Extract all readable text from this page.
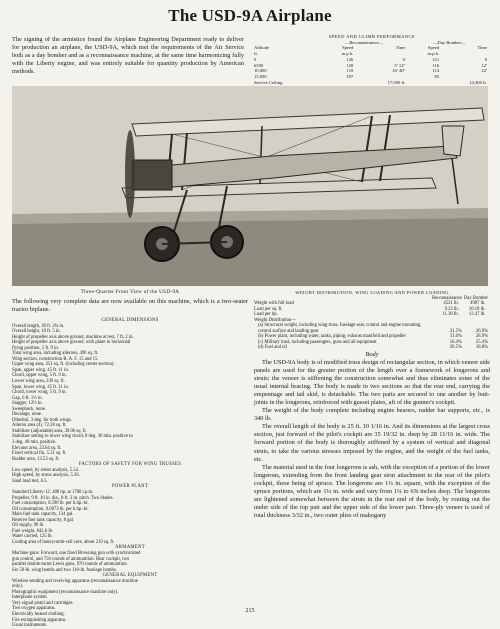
The USD-9A Airplane
The signing of the armistice found the Airplane Engineering Department ready to deliver for production an airplane, the USD-9A, which met the requirements of the Air Service both as a day bomber and as a reconnaissance machine, at the same time harmonizing fully with the Liberty engine, and was entirely suitable for quantity production by American methods.
SPEED AND CLIMB PERFORMANCE
	—Reconnaissance—		—Day Bomber—	
Altitude	Speed	Time	Speed	Time
ft.	m.p.h.		m.p.h.	
0	126	0	121	0
6500	120	5′ 12″	116	12′
10,000	118	16′ 40″	114	22′
15,000	107		85	
Service Ceiling		17,000 ft.		14,300 ft.
Three-Quarter Front View of the USD-9A
The following very complete data are now available on this machine, which is a two-seater tractor biplane.
GENERAL DIMENSIONS
Overall length, 30 ft. 2¾ in.
Overall height, 10 ft. 5 in.
Height of propeller axis above ground, machine at rest, 7 ft. 2 in.
Height of propeller axis above ground, with plane in horizontal
flying position, 5 ft. 9 in.
Total wing area, including ailerons, 490 sq. ft.
Wing section, construction R. A. F. 15 and 15.
Upper wing area, 251 sq. ft. (including center section).
Span, upper wing, 45 ft. 11 in.
Chord, upper wing, 5 ft. 9 in.
Lower wing area, 239 sq. ft.
Span, lower wing, 45 ft. 11 in.
Chord, lower wing, 5 ft. 9 in.
Gap, 6 ft. 1½ in.
Stagger, 12½ in.
Sweepback, none.
Decalage, none.
Dihedral, 3 deg. for both wings.
Aileron area (4), 72.28 sq. ft.
Stabilizer (adjustable) area, 39.06 sq. ft.
Stabilizer setting to lower wing chord, 0 deg. 30 min. positive to
3 deg. 40 min. positive.
Elevator area, 23.64 sq. ft.
Fixed vertical fin, 5.31 sq. ft.
Rudder area, 13.53 sq. ft.
FACTORS OF SAFETY FOR WING TRUSSES
Low speed, by stress analysis, 5.54.
High speed, by stress analysis, 5.36.
Sand load test, 6.5.
POWER PLANT
Standard Liberty-12, 400 hp. at 1700 r.p.m.
Propeller, 9 ft. 10 in. dia., 8 ft. 3 in. pitch. Two blades.
Fuel consumption, 0.590 lb. per h.hp.-hr.
Oil consumption, 0.0673 lb. per h.hp.-hr.
Main fuel tank capacity, 134 gal.
Reserve fuel tank capacity, 8 gal.
Oil supply, 96 lb.
Fuel weight, 842.6 lb.
Water carried, 125 lb.
Cooling area of honeycomb-cell core, about 219 sq. ft.
ARMAMENT
Machine guns: Forward, one fixed Browning gun with synchronized
gun control, and 750 rounds of ammunition. Rear cockpit, two
parallel double-turret Lewis guns, 970 rounds of ammunition.
Six 50-lb. wing bombs and two 110-lb. fuselage bombs.
GENERAL EQUIPMENT
Wireless sending and receiving apparatus (reconnaissance machine
only).
Photographic equipment (reconnaissance machine only).
Interphone system.
Very signal pistol and cartridges.
Two oxygen apparatus.
Electrically heated clothing.
Fire extinguishing apparatus.
Usual instruments.
WEIGHT DISTRIBUTION, WING LOADING AND POWER LOADING
	Reconnaissance		Day Bomber	
Weight with full load	4521 lb.		4987 lb.	
Load per sq. ft.	9.23 lb.		10.18 lb.	
Load per hp.	11.30 lb.		12.47 lb.	
Weight Distribution—				
(a) Structural weight, including wing truss, fuselage seat, control and engine mounting, control surface and landing gear	31.5%		26.9%	
(b) Power plant, including water, tanks, piping, exhaust manifold and propeller	31.6%		28.9%	
(c) Military load, including passengers, guns and all equipment	16.4%		25.4%	
(d) Fuel and oil	20.5%		18.8%	
Body

The USD-9A body is of modified truss design of rectangular section, in which veneer side panels are used for the greater portion of the length over a framework of longerons and struts; the veneer is stiffening the construction somewhat and thus eliminates some of the usual internal bracing. The body is made in two sections so that the rear end, carrying the empennage and tail skid, is detachable. The two parts are secured to one another by butt-joints in the longerons, reinforced with gusset plates, aft of the gunner's cockpit.

The weight of the body complete including engine bearers, rudder bar supports, etc., is 340 lb.

The overall length of the body is 25 ft. 10 1/16 in. And its dimensions at the largest cross section, just forward of the pilot's cockpit are 35 19/32 in. deep by 28 11/16 in. wide. The forward portion of the body is thoroughly stiffened by a system of vertical and diagonal struts, to take the various stresses imposed by the engine, and the weight of the fuel tanks, etc.

The material used in the four longerons is ash, with the exception of a portion of the lower longerons, extending from the front landing gear strut attachment to the rear of the pilot's cockpit, these being of spruce. The longerons are 1¼ in. square, with the exception of the spruce portions, which are 1¼ in. wide and vary from 1¼ to 6⅝ inches deep. The longerons are lightened somewhat between the struts in the rear end of the body, by routing out the under side of the top pair and the upper side of the lower pair. Three-ply veneer is used of total thickness 3/32 in., two outer plies of mahogany

215
